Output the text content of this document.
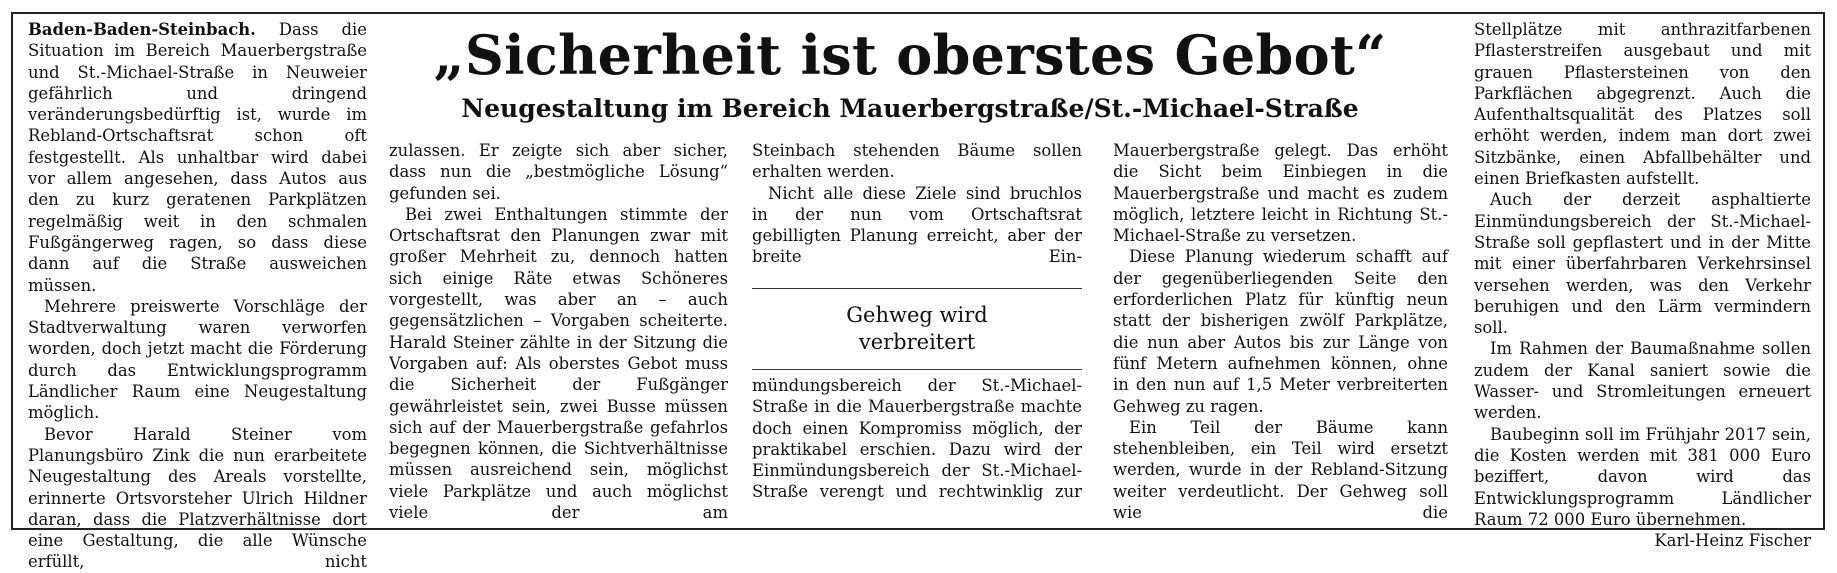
„Sicherheit ist oberstes Gebot“
Neugestaltung im Bereich Mauerbergstraße/St.-Michael-Straße

Baden-Baden-Steinbach. Dass die Situation im Bereich Mauerbergstraße und St.-Michael-Straße in Neuweier gefährlich und dringend veränderungsbedürftig ist, wurde im Rebland-Ortschaftsrat schon oft festgestellt. Als unhaltbar wird dabei vor allem angesehen, dass Autos aus den zu kurz geratenen Parkplätzen regelmäßig weit in den schmalen Fußgängerweg ragen, so dass diese dann auf die Straße ausweichen müssen.

Mehrere preiswerte Vorschläge der Stadtverwaltung waren verworfen worden, doch jetzt macht die Förderung durch das Entwicklungsprogramm Ländlicher Raum eine Neugestaltung möglich.

Bevor Harald Steiner vom Planungsbüro Zink die nun erarbeitete Neugestaltung des Areals vorstellte, erinnerte Ortsvorsteher Ulrich Hildner daran, dass die Platzverhältnisse dort eine Gestaltung, die alle Wünsche erfüllt, nicht

zulassen. Er zeigte sich aber sicher, dass nun die „bestmögliche Lösung“ gefunden sei.

Bei zwei Enthaltungen stimmte der Ortschaftsrat den Planungen zwar mit großer Mehrheit zu, dennoch hatten sich einige Räte etwas Schöneres vorgestellt, was aber an – auch gegensätzlichen – Vorgaben scheiterte. Harald Steiner zählte in der Sitzung die Vorgaben auf: Als oberstes Gebot muss die Sicherheit der Fußgänger gewährleistet sein, zwei Busse müssen sich auf der Mauerbergstraße gefahrlos begegnen können, die Sichtverhältnisse müssen ausreichend sein, möglichst viele Parkplätze und auch möglichst viele der am

Steinbach stehenden Bäume sollen erhalten werden.

Nicht alle diese Ziele sind bruchlos in der nun vom Ortschaftsrat gebilligten Planung erreicht, aber der breite Ein-

Gehweg wird
verbreitert

mündungsbereich der St.-Michael-Straße in die Mauerbergstraße machte doch einen Kompromiss möglich, der praktikabel erschien. Dazu wird der Einmündungsbereich der St.-Michael-Straße verengt und rechtwinklig zur

Mauerbergstraße gelegt. Das erhöht die Sicht beim Einbiegen in die Mauerbergstraße und macht es zudem möglich, letztere leicht in Richtung St.-Michael-Straße zu versetzen.

Diese Planung wiederum schafft auf der gegenüberliegenden Seite den erforderlichen Platz für künftig neun statt der bisherigen zwölf Parkplätze, die nun aber Autos bis zur Länge von fünf Metern aufnehmen können, ohne in den nun auf 1,5 Meter verbreiterten Gehweg zu ragen.

Ein Teil der Bäume kann stehenbleiben, ein Teil wird ersetzt werden, wurde in der Rebland-Sitzung weiter verdeutlicht. Der Gehweg soll wie die

Stellplätze mit anthrazitfarbenen Pflasterstreifen ausgebaut und mit grauen Pflastersteinen von den Parkflächen abgegrenzt. Auch die Aufenthaltsqualität des Platzes soll erhöht werden, indem man dort zwei Sitzbänke, einen Abfallbehälter und einen Briefkasten aufstellt.

Auch der derzeit asphaltierte Einmündungsbereich der St.-Michael-Straße soll gepflastert und in der Mitte mit einer überfahrbaren Verkehrsinsel versehen werden, was den Verkehr beruhigen und den Lärm vermindern soll.

Im Rahmen der Baumaßnahme sollen zudem der Kanal saniert sowie die Wasser- und Stromleitungen erneuert werden.

Baubeginn soll im Frühjahr 2017 sein, die Kosten werden mit 381 000 Euro beziffert, davon wird das Entwicklungsprogramm Ländlicher Raum 72 000 Euro übernehmen.

Karl-Heinz Fischer
